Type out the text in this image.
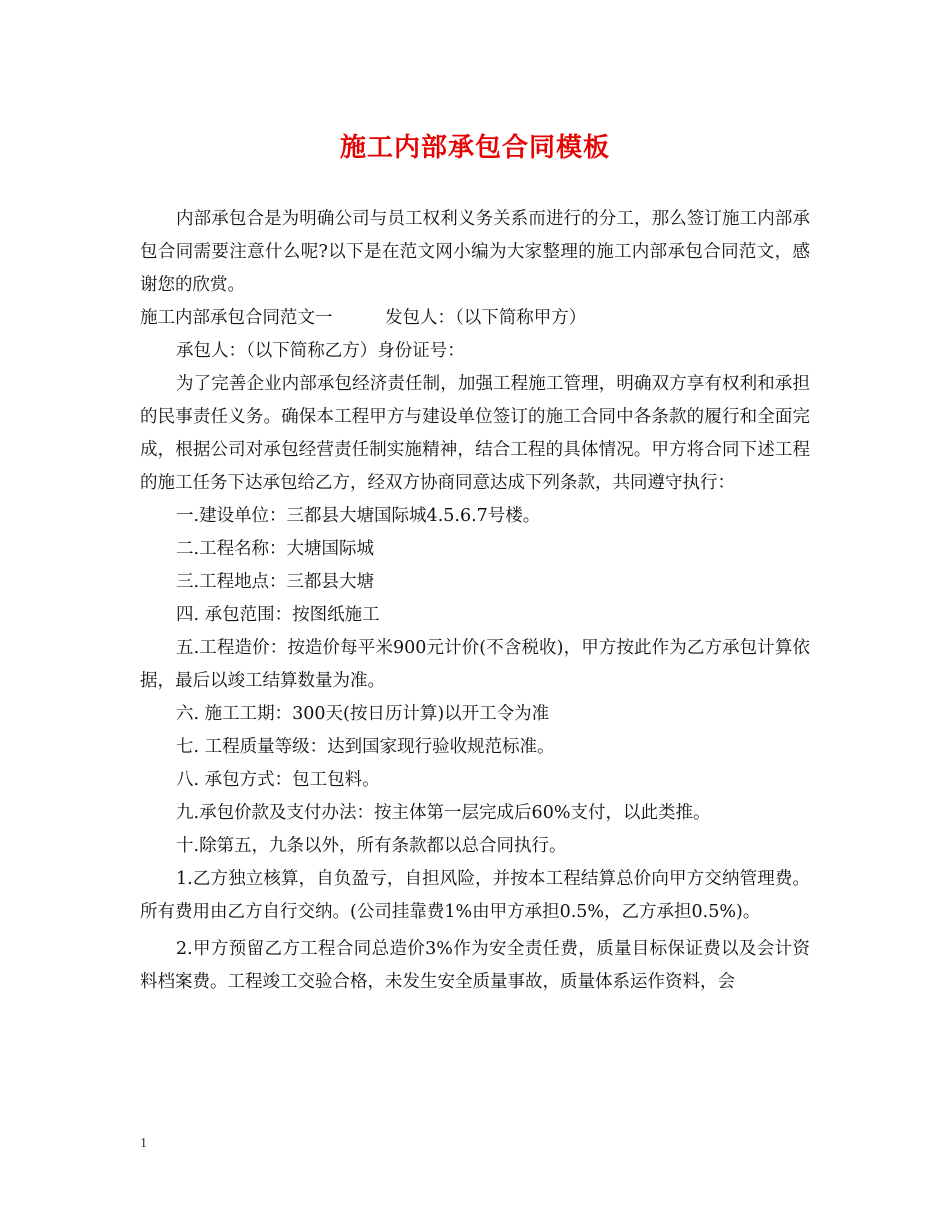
施工内部承包合同模板

内部承包合是为明确公司与员工权利义务关系而进行的分工，那么签订施工内部承包合同需要注意什么呢?以下是在范文网小编为大家整理的施工内部承包合同范文，感谢您的欣赏。

施工内部承包合同范文一　　　发包人：（以下简称甲方）

承包人：（以下简称乙方）身份证号：

为了完善企业内部承包经济责任制，加强工程施工管理，明确双方享有权利和承担的民事责任义务。确保本工程甲方与建设单位签订的施工合同中各条款的履行和全面完成，根据公司对承包经营责任制实施精神，结合工程的具体情况。甲方将合同下述工程的施工任务下达承包给乙方，经双方协商同意达成下列条款，共同遵守执行：

一.建设单位：三都县大塘国际城4.5.6.7号楼。

二.工程名称：大塘国际城

三.工程地点：三都县大塘

四. 承包范围：按图纸施工

五.工程造价：按造价每平米900元计价(不含税收)，甲方按此作为乙方承包计算依据，最后以竣工结算数量为准。

六. 施工工期：300天(按日历计算)以开工令为准

七. 工程质量等级：达到国家现行验收规范标准。

八. 承包方式：包工包料。

九.承包价款及支付办法：按主体第一层完成后60%支付，以此类推。

十.除第五，九条以外，所有条款都以总合同执行。

1.乙方独立核算，自负盈亏，自担风险，并按本工程结算总价向甲方交纳管理费。所有费用由乙方自行交纳。(公司挂靠费1%由甲方承担0.5%，乙方承担0.5%)。

2.甲方预留乙方工程合同总造价3%作为安全责任费，质量目标保证费以及会计资料档案费。工程竣工交验合格，未发生安全质量事故，质量体系运作资料，会

1
